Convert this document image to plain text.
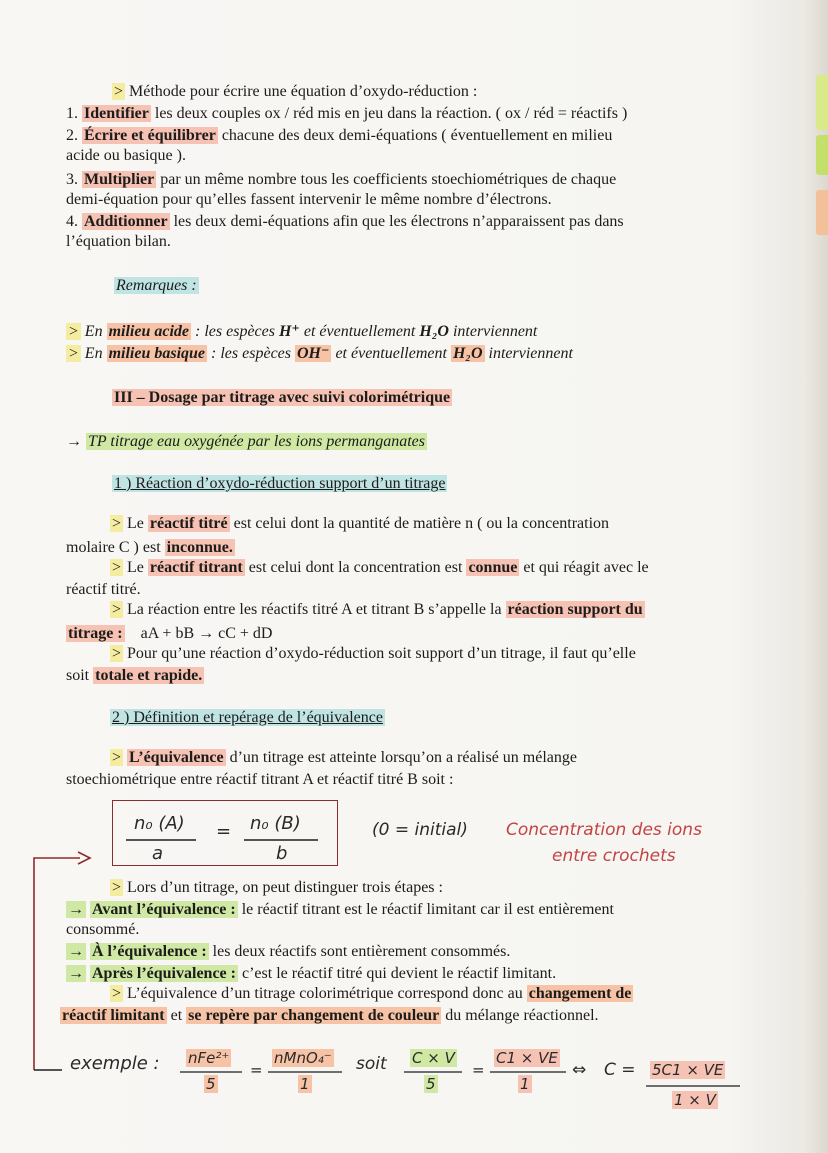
> Méthode pour écrire une équation d’oxydo-réduction :
1. Identifier les deux couples ox / réd mis en jeu dans la réaction. ( ox / réd = réactifs )
2. Écrire et équilibrer chacune des deux demi-équations ( éventuellement en milieu
acide ou basique ).
3. Multiplier par un même nombre tous les coefficients stoechiométriques de chaque
demi-équation pour qu’elles fassent intervenir le même nombre d’électrons.
4. Additionner les deux demi-équations afin que les électrons n’apparaissent pas dans
l’équation bilan.
Remarques :
> En milieu acide : les espèces H⁺ et éventuellement H₂O interviennent
> En milieu basique : les espèces OH⁻ et éventuellement H₂O interviennent
III – Dosage par titrage avec suivi colorimétrique
→ TP titrage eau oxygénée par les ions permanganates
1 ) Réaction d’oxydo-réduction support d’un titrage
> Le réactif titré est celui dont la quantité de matière n ( ou la concentration
molaire C ) est inconnue.
> Le réactif titrant est celui dont la concentration est connue et qui réagit avec le
réactif titré.
> La réaction entre les réactifs titré A et titrant B s’appelle la réaction support du
titrage : aA + bB → cC + dD
> Pour qu’une réaction d’oxydo-réduction soit support d’un titrage, il faut qu’elle
soit totale et rapide.
2 ) Définition et repérage de l’équivalence
> L’équivalence d’un titrage est atteinte lorsqu’on a réalisé un mélange
stoechiométrique entre réactif titrant A et réactif titré B soit :
n₀ (A)
a
= n₀ (B)
b
(0 = initial) Concentration des ions
entre crochets
> Lors d’un titrage, on peut distinguer trois étapes :
→ Avant l’équivalence : le réactif titrant est le réactif limitant car il est entièrement
consommé.
→ À l’équivalence : les deux réactifs sont entièrement consommés.
→ Après l’équivalence : c’est le réactif titré qui devient le réactif limitant.
> L’équivalence d’un titrage colorimétrique correspond donc au changement de
réactif limitant et se repère par changement de couleur du mélange réactionnel.
exemple : nFe²⁺
5
=
nMnO₄⁻
1
soit C × V
5
=
C1 × VE
1
⇔ C = 5C1 × VE
1 × V
